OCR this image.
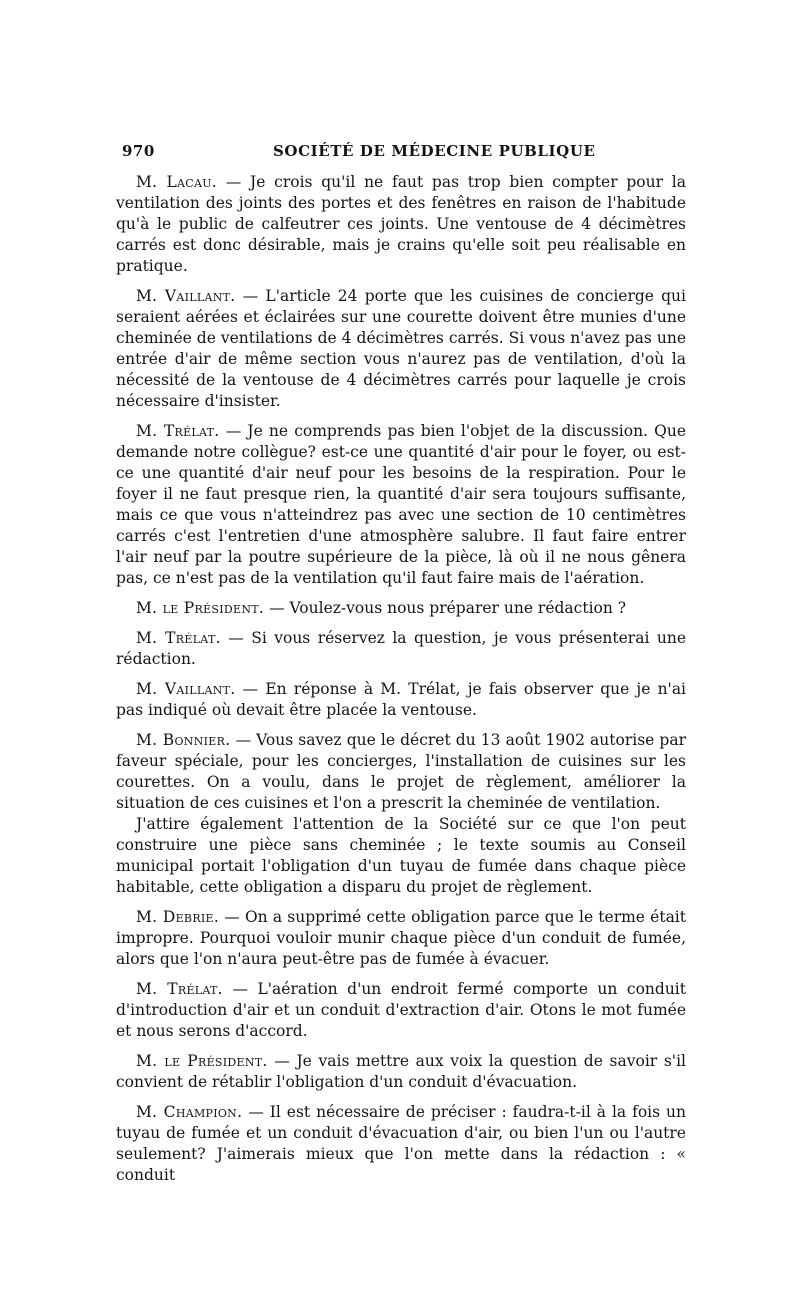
970	SOCIÉTÉ DE MÉDECINE PUBLIQUE

M. Lacau. — Je crois qu'il ne faut pas trop bien compter pour la ventilation des joints des portes et des fenêtres en raison de l'habitude qu'à le public de calfeutrer ces joints. Une ventouse de 4 décimètres carrés est donc désirable, mais je crains qu'elle soit peu réalisable en pratique.

M. Vaillant. — L'article 24 porte que les cuisines de concierge qui seraient aérées et éclairées sur une courette doivent être munies d'une cheminée de ventilations de 4 décimètres carrés. Si vous n'avez pas une entrée d'air de même section vous n'aurez pas de ventilation, d'où la nécessité de la ventouse de 4 décimètres carrés pour laquelle je crois nécessaire d'insister.

M. Trélat. — Je ne comprends pas bien l'objet de la discussion. Que demande notre collègue? est-ce une quantité d'air pour le foyer, ou est-ce une quantité d'air neuf pour les besoins de la respiration. Pour le foyer il ne faut presque rien, la quantité d'air sera toujours suffisante, mais ce que vous n'atteindrez pas avec une section de 10 centimètres carrés c'est l'entretien d'une atmosphère salubre. Il faut faire entrer l'air neuf par la poutre supérieure de la pièce, là où il ne nous gênera pas, ce n'est pas de la ventilation qu'il faut faire mais de l'aération.

M. le Président. — Voulez-vous nous préparer une rédaction ?

M. Trélat. — Si vous réservez la question, je vous présenterai une rédaction.

M. Vaillant. — En réponse à M. Trélat, je fais observer que je n'ai pas indiqué où devait être placée la ventouse.

M. Bonnier. — Vous savez que le décret du 13 août 1902 autorise par faveur spéciale, pour les concierges, l'installation de cuisines sur les courettes. On a voulu, dans le projet de règlement, améliorer la situation de ces cuisines et l'on a prescrit la cheminée de ventilation.

J'attire également l'attention de la Société sur ce que l'on peut construire une pièce sans cheminée ; le texte soumis au Conseil municipal portait l'obligation d'un tuyau de fumée dans chaque pièce habitable, cette obligation a disparu du projet de règlement.

M. Debrie. — On a supprimé cette obligation parce que le terme était impropre. Pourquoi vouloir munir chaque pièce d'un conduit de fumée, alors que l'on n'aura peut-être pas de fumée à évacuer.

M. Trélat. — L'aération d'un endroit fermé comporte un conduit d'introduction d'air et un conduit d'extraction d'air. Otons le mot fumée et nous serons d'accord.

M. le Président. — Je vais mettre aux voix la question de savoir s'il convient de rétablir l'obligation d'un conduit d'évacuation.

M. Champion. — Il est nécessaire de préciser : faudra-t-il à la fois un tuyau de fumée et un conduit d'évacuation d'air, ou bien l'un ou l'autre seulement? J'aimerais mieux que l'on mette dans la rédaction : « conduit
